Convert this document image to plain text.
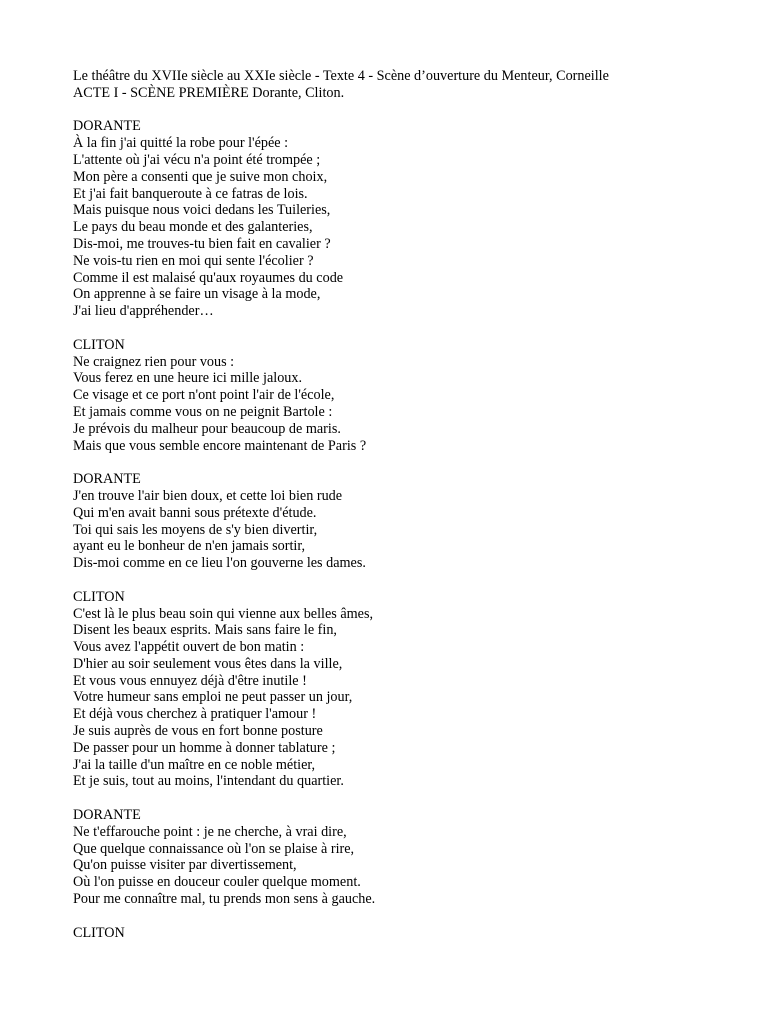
Le théâtre du XVIIe siècle au XXIe siècle - Texte 4 - Scène d’ouverture du Menteur, Corneille
ACTE I - SCÈNE PREMIÈRE Dorante, Cliton.
DORANTE
À la fin j'ai quitté la robe pour l'épée :
L'attente où j'ai vécu n'a point été trompée ;
Mon père a consenti que je suive mon choix,
Et j'ai fait banqueroute à ce fatras de lois.
Mais puisque nous voici dedans les Tuileries,
Le pays du beau monde et des galanteries,
Dis-moi, me trouves-tu bien fait en cavalier ?
Ne vois-tu rien en moi qui sente l'écolier ?
Comme il est malaisé qu'aux royaumes du code
On apprenne à se faire un visage à la mode,
J'ai lieu d'appréhender…
CLITON
Ne craignez rien pour vous :
Vous ferez en une heure ici mille jaloux.
Ce visage et ce port n'ont point l'air de l'école,
Et jamais comme vous on ne peignit Bartole :
Je prévois du malheur pour beaucoup de maris.
Mais que vous semble encore maintenant de Paris ?
DORANTE
J'en trouve l'air bien doux, et cette loi bien rude
Qui m'en avait banni sous prétexte d'étude.
Toi qui sais les moyens de s'y bien divertir,
ayant eu le bonheur de n'en jamais sortir,
Dis-moi comme en ce lieu l'on gouverne les dames.
CLITON
C'est là le plus beau soin qui vienne aux belles âmes,
Disent les beaux esprits. Mais sans faire le fin,
Vous avez l'appétit ouvert de bon matin :
D'hier au soir seulement vous êtes dans la ville,
Et vous vous ennuyez déjà d'être inutile !
Votre humeur sans emploi ne peut passer un jour,
Et déjà vous cherchez à pratiquer l'amour !
Je suis auprès de vous en fort bonne posture
De passer pour un homme à donner tablature ;
J'ai la taille d'un maître en ce noble métier,
Et je suis, tout au moins, l'intendant du quartier.
DORANTE
Ne t'effarouche point : je ne cherche, à vrai dire,
Que quelque connaissance où l'on se plaise à rire,
Qu'on puisse visiter par divertissement,
Où l'on puisse en douceur couler quelque moment.
Pour me connaître mal, tu prends mon sens à gauche.
CLITON
